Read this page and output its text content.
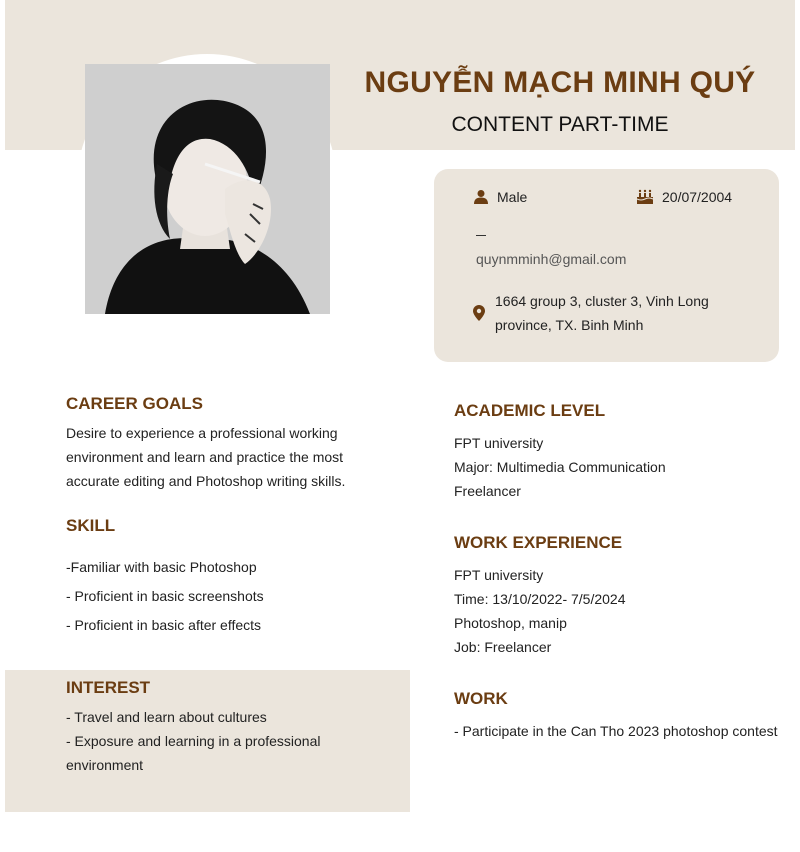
NGUYỄN MẠCH MINH QUÝ
CONTENT PART-TIME
Male	20/07/2004
quynmminh@gmail.com
1664 group 3, cluster 3, Vinh Long
province, TX. Binh Minh
CAREER GOALS
Desire to experience a professional working
environment and learn and practice the most
accurate editing and Photoshop writing skills.
SKILL
-Familiar with basic Photoshop
- Proficient in basic screenshots
- Proficient in basic after effects
INTEREST
- Travel and learn about cultures
- Exposure and learning in a professional
environment
ACADEMIC LEVEL
FPT university
Major: Multimedia Communication
Freelancer
WORK EXPERIENCE
FPT university
Time: 13/10/2022- 7/5/2024
Photoshop, manip
Job: Freelancer
WORK
- Participate in the Can Tho 2023 photoshop contest
